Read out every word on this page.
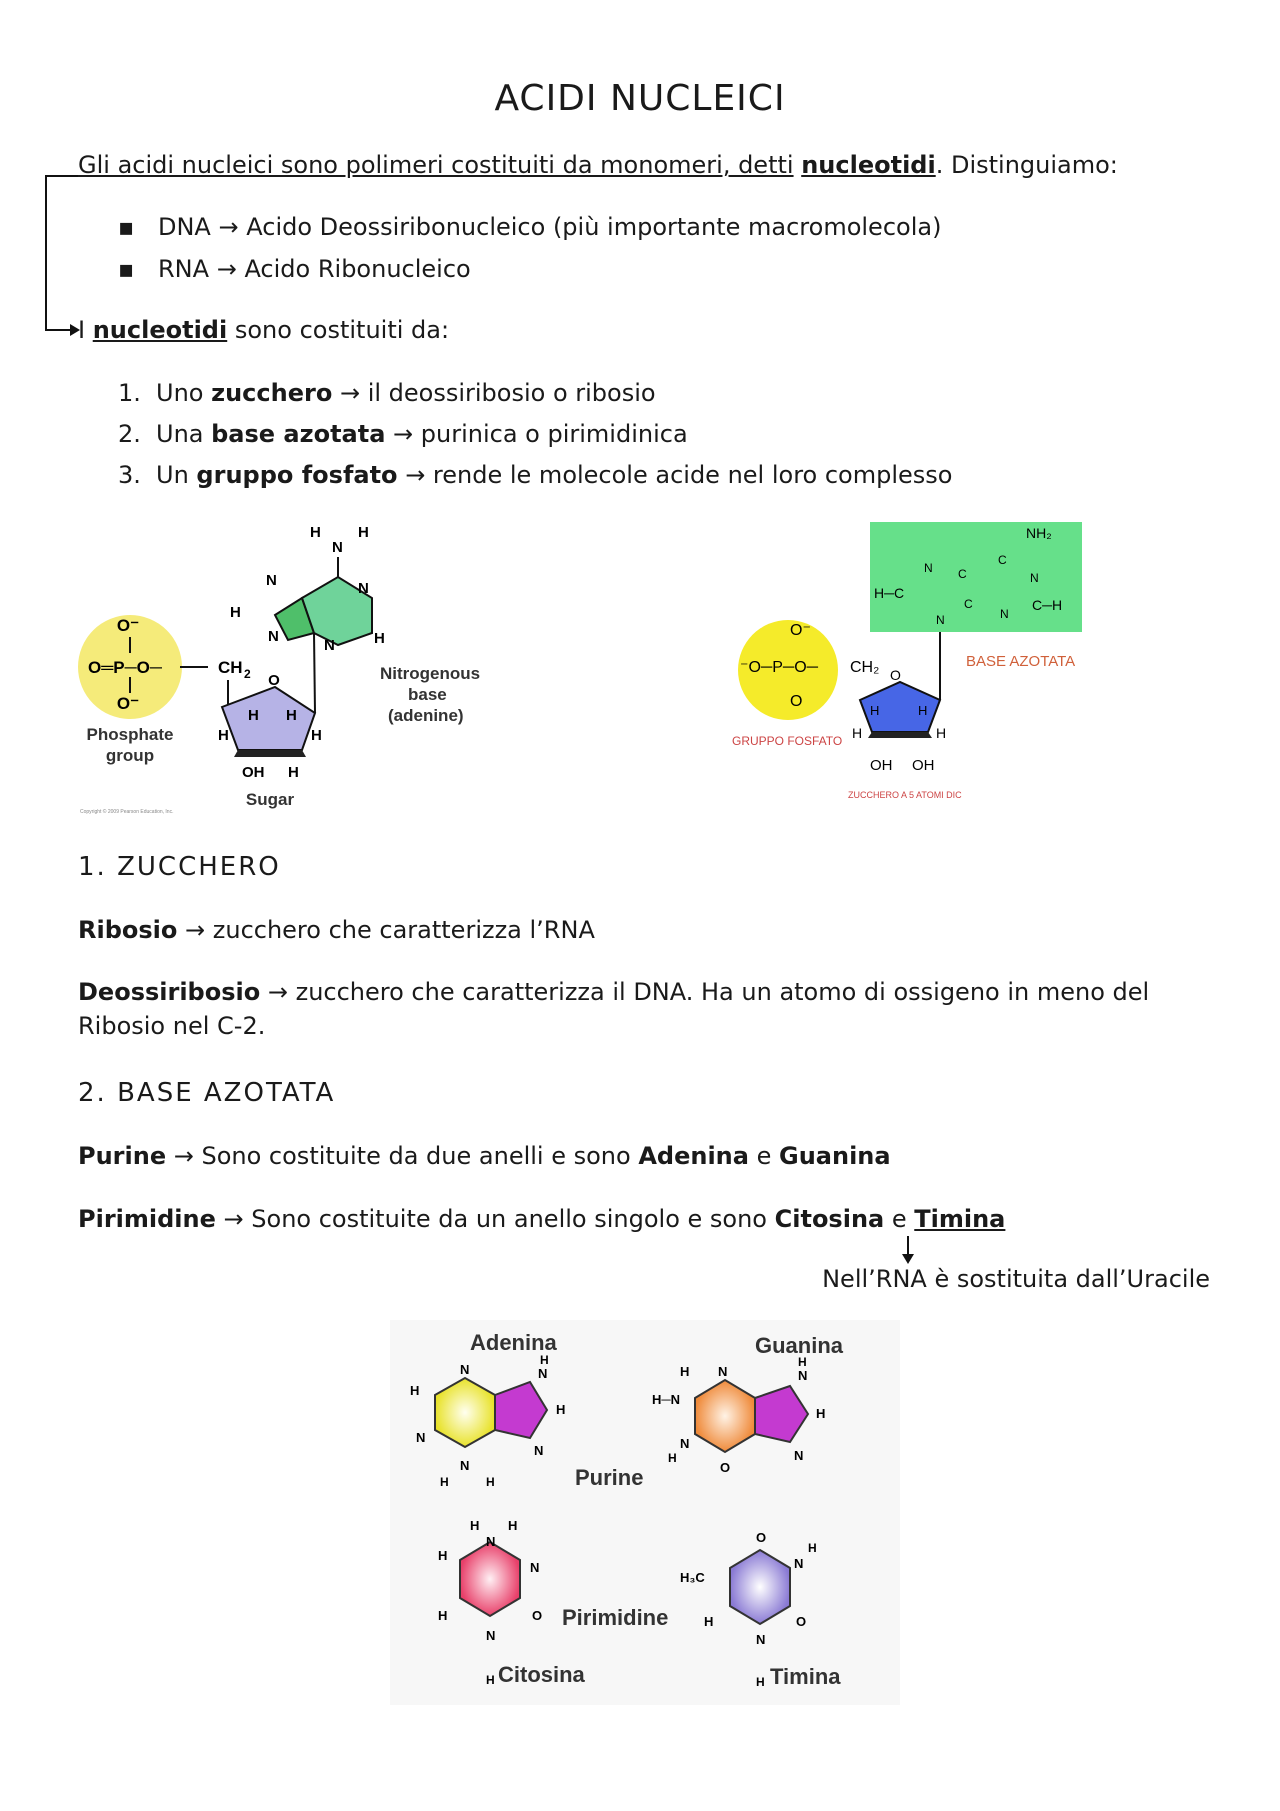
ACIDI NUCLEICI
Gli acidi nucleici sono polimeri costituiti da monomeri, detti nucleotidi. Distinguiamo:
▪ DNA → Acido Deossiribonucleico (più importante macromolecola)
▪ RNA → Acido Ribonucleico
I nucleotidi sono costituiti da:
1. Uno zucchero → il deossiribosio o ribosio
2. Una base azotata → purinica o pirimidinica
3. Un gruppo fosfato → rende le molecole acide nel loro complesso
O⁻
O═P─O─
O⁻
Phosphate
group
CH 2 O
H H
H	H
OH H
Sugar
H
N
N
N
N	H
N
H H
Nitrogenous
base
(adenine)
Copyright © 2009 Pearson Education, Inc.
NH₂
H─C
C─H
N C
C
N
C
N
N
BASE AZOTATA
O⁻
⁻O─P─O─
O
CH₂
GRUPPO FOSFATO
O
H	H
H	H
OH OH
ZUCCHERO A 5 ATOMI DIC
1. ZUCCHERO
Ribosio → zucchero che caratterizza l’RNA
Deossiribosio → zucchero che caratterizza il DNA. Ha un atomo di ossigeno in meno del Ribosio nel C-2.
2. BASE AZOTATA
Purine → Sono costituite da due anelli e sono Adenina e Guanina
Pirimidine → Sono costituite da un anello singolo e sono Citosina e Timina
Nell’RNA è sostituita dall’Uracile
Adenina
H
N
N
N
H
H
N
N
H	H
Guanina
H
H─N
N	N
H
H
N
N
H
O
Purine
H H
N
H
H
N
O
N
Citosina
H
Pirimidine
O
N
H
H₃C
H	O
N
H Timina
